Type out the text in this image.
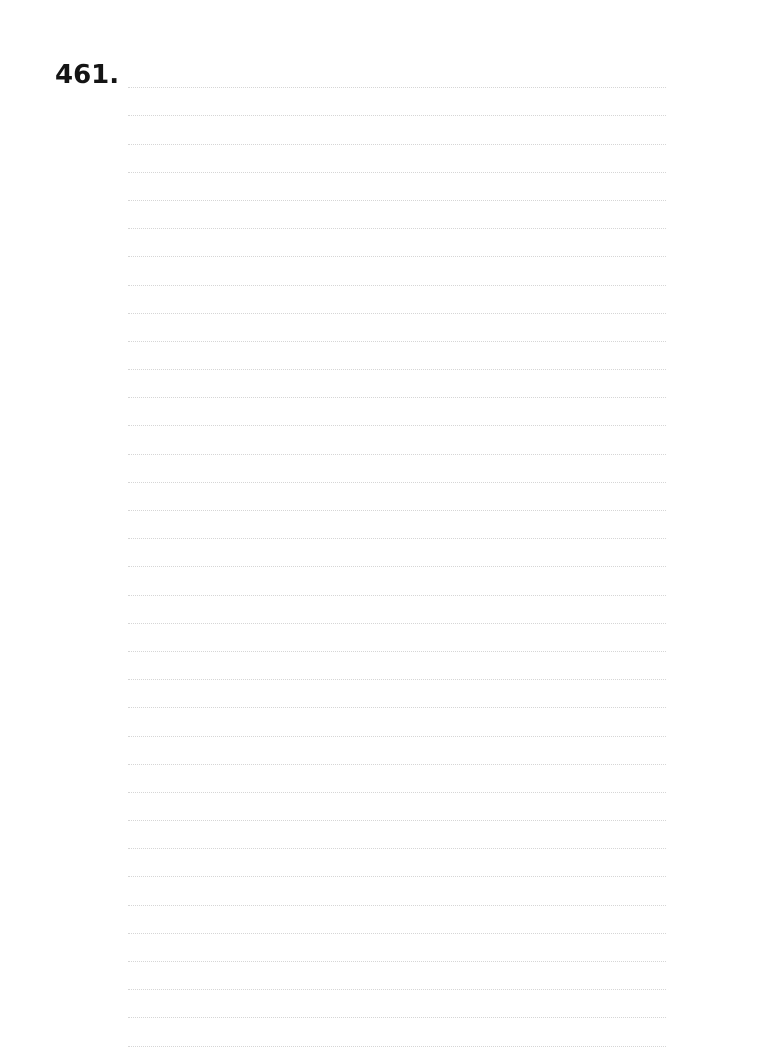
461.
